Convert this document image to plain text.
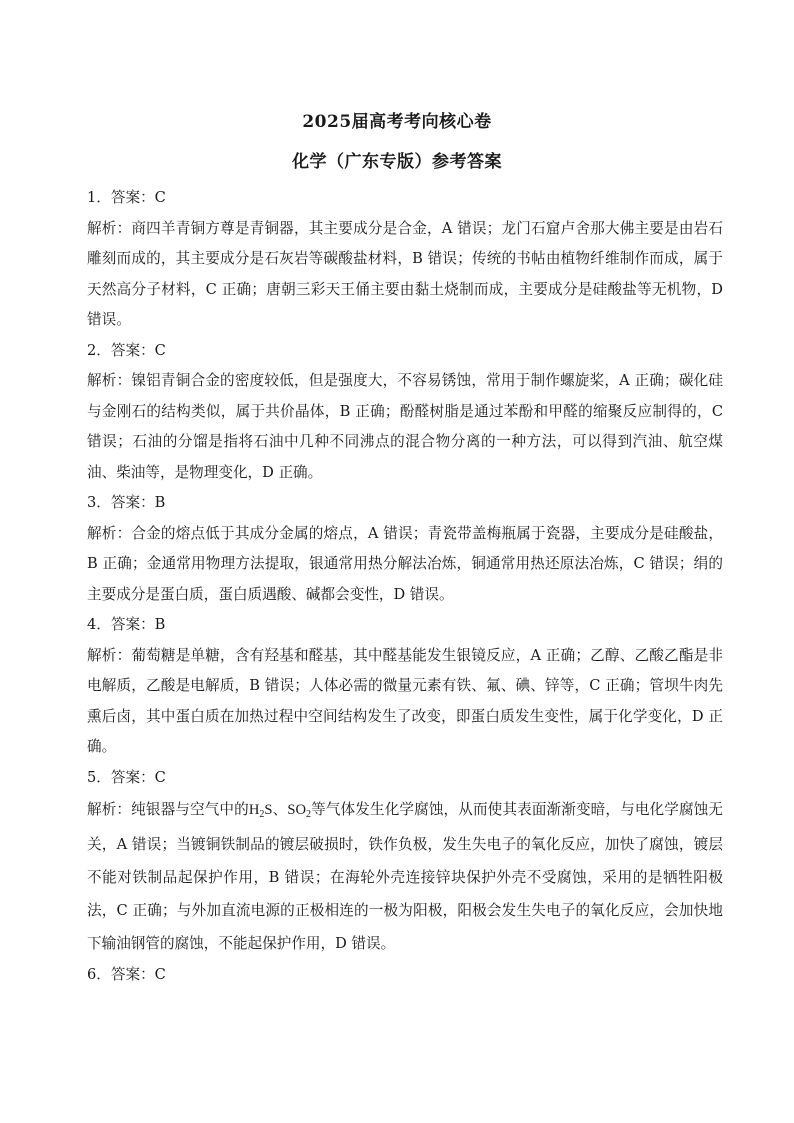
2025届高考考向核心卷
化学（广东专版）参考答案
1．答案：C
解析：商四羊青铜方尊是青铜器，其主要成分是合金，A 错误；龙门石窟卢舍那大佛主要是由岩石雕刻而成的，其主要成分是石灰岩等碳酸盐材料，B 错误；传统的书帖由植物纤维制作而成，属于天然高分子材料，C 正确；唐朝三彩天王俑主要由黏土烧制而成，主要成分是硅酸盐等无机物，D 错误。
2．答案：C
解析：镍铝青铜合金的密度较低，但是强度大，不容易锈蚀，常用于制作螺旋桨，A 正确；碳化硅与金刚石的结构类似，属于共价晶体，B 正确；酚醛树脂是通过苯酚和甲醛的缩聚反应制得的，C 错误；石油的分馏是指将石油中几种不同沸点的混合物分离的一种方法，可以得到汽油、航空煤油、柴油等，是物理变化，D 正确。
3．答案：B
解析：合金的熔点低于其成分金属的熔点，A 错误；青瓷带盖梅瓶属于瓷器，主要成分是硅酸盐，B 正确；金通常用物理方法提取，银通常用热分解法冶炼，铜通常用热还原法冶炼，C 错误；绢的主要成分是蛋白质，蛋白质遇酸、碱都会变性，D 错误。
4．答案：B
解析：葡萄糖是单糖，含有羟基和醛基，其中醛基能发生银镜反应，A 正确；乙醇、乙酸乙酯是非电解质，乙酸是电解质，B 错误；人体必需的微量元素有铁、氟、碘、锌等，C 正确；管坝牛肉先熏后卤，其中蛋白质在加热过程中空间结构发生了改变，即蛋白质发生变性，属于化学变化，D 正确。
5．答案：C
解析：纯银器与空气中的$H_2S$、$SO_2$等气体发生化学腐蚀，从而使其表面渐渐变暗，与电化学腐蚀无关，A 错误；当镀铜铁制品的镀层破损时，铁作负极，发生失电子的氧化反应，加快了腐蚀，镀层不能对铁制品起保护作用，B 错误；在海轮外壳连接锌块保护外壳不受腐蚀，采用的是牺牲阳极法，C 正确；与外加直流电源的正极相连的一极为阳极，阳极会发生失电子的氧化反应，会加快地下输油钢管的腐蚀，不能起保护作用，D 错误。
6．答案：C
